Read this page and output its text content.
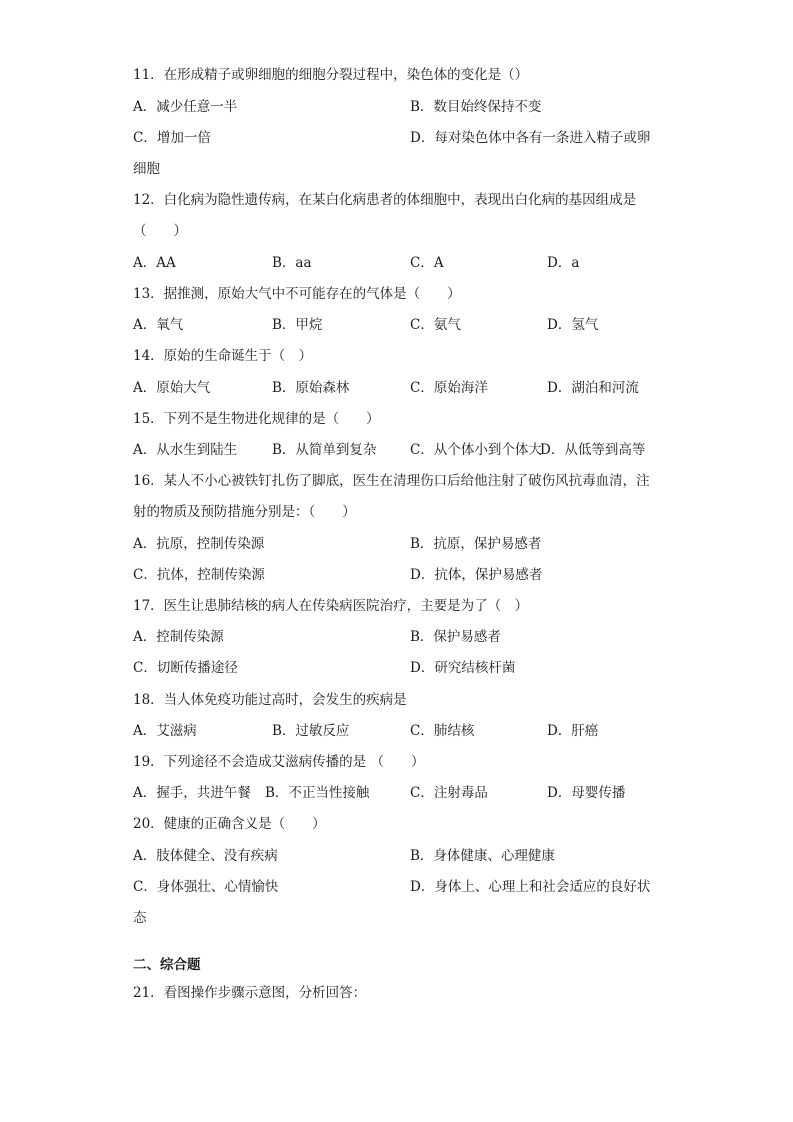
11．在形成精子或卵细胞的细胞分裂过程中，染色体的变化是（）
A．减少任意一半	B．数目始终保持不变
C．增加一倍	D．每对染色体中各有一条进入精子或卵
细胞
12．白化病为隐性遗传病，在某白化病患者的体细胞中，表现出白化病的基因组成是
（　　）
A．AA	B．aa	C．A	D．a
13．据推测，原始大气中不可能存在的气体是（　　）
A．氧气	B．甲烷	C．氨气	D．氢气
14．原始的生命诞生于（　）
A．原始大气	B．原始森林	C．原始海洋	D．湖泊和河流
15．下列不是生物进化规律的是（　　）
A．从水生到陆生	B．从简单到复杂 C．从个体小到个体大
D．从低等到高等
16．某人不小心被铁钉扎伤了脚底，医生在清理伤口后给他注射了破伤风抗毒血清，注
射的物质及预防措施分别是：（　　）
A．抗原，控制传染源	B．抗原，保护易感者
C．抗体，控制传染源	D．抗体，保护易感者
17．医生让患肺结核的病人在传染病医院治疗，主要是为了（　）
A．控制传染源	B．保护易感者
C．切断传播途径	D．研究结核杆菌
18．当人体免疫功能过高时，会发生的疾病是
A．艾滋病	B．过敏反应	C．肺结核	D．肝癌
19．下列途径不会造成艾滋病传播的是 （　　）
A．握手，共进午餐 B．不正当性接触	C．注射毒品	D．母婴传播
20．健康的正确含义是（　　）
A．肢体健全、没有疾病	B．身体健康、心理健康
C．身体强壮、心情愉快	D．身体上、心理上和社会适应的良好状
态
二、综合题
21．看图操作步骤示意图，分析回答：
